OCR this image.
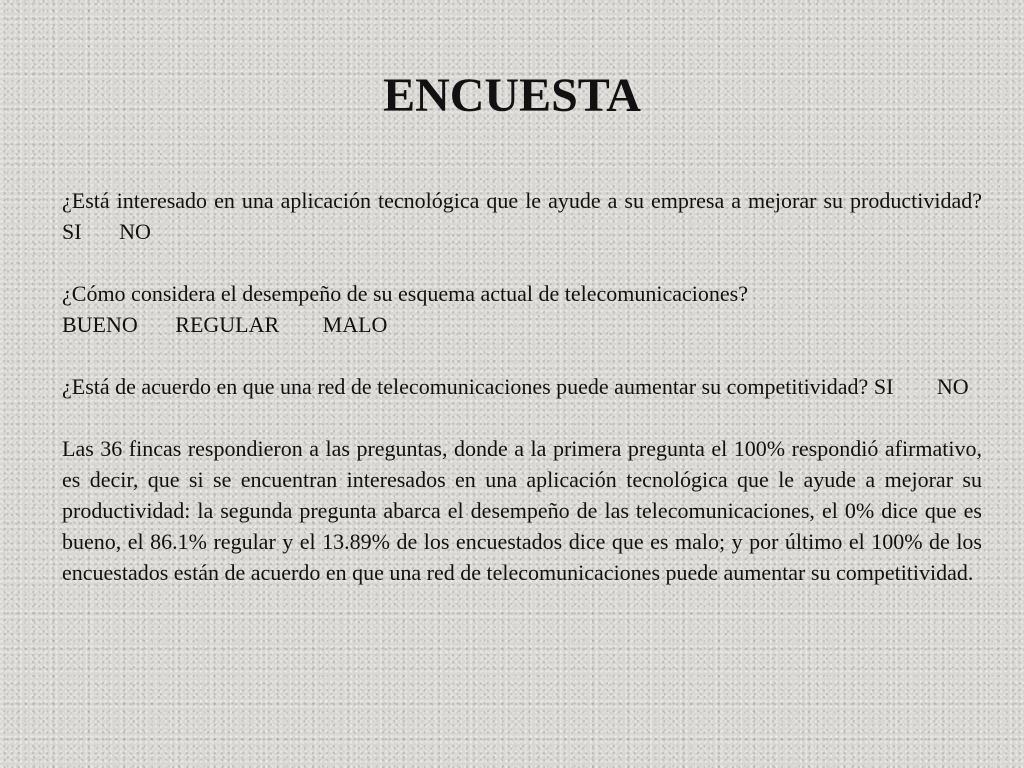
ENCUESTA

¿Está interesado en una aplicación tecnológica que le ayude a su empresa a mejorar su productividad? SI NO

¿Cómo considera el desempeño de su esquema actual de telecomunicaciones?

BUENO REGULAR MALO

¿Está de acuerdo en que una red de telecomunicaciones puede aumentar su competitividad? SI NO

Las 36 fincas respondieron a las preguntas, donde a la primera pregunta el 100% respondió afirmativo, es decir, que si se encuentran interesados en una aplicación tecnológica que le ayude a mejorar su productividad: la segunda pregunta abarca el desempeño de las telecomunicaciones, el 0% dice que es bueno, el 86.1% regular y el 13.89% de los encuestados dice que es malo; y por último el 100% de los encuestados están de acuerdo en que una red de telecomunicaciones puede aumentar su competitividad.
